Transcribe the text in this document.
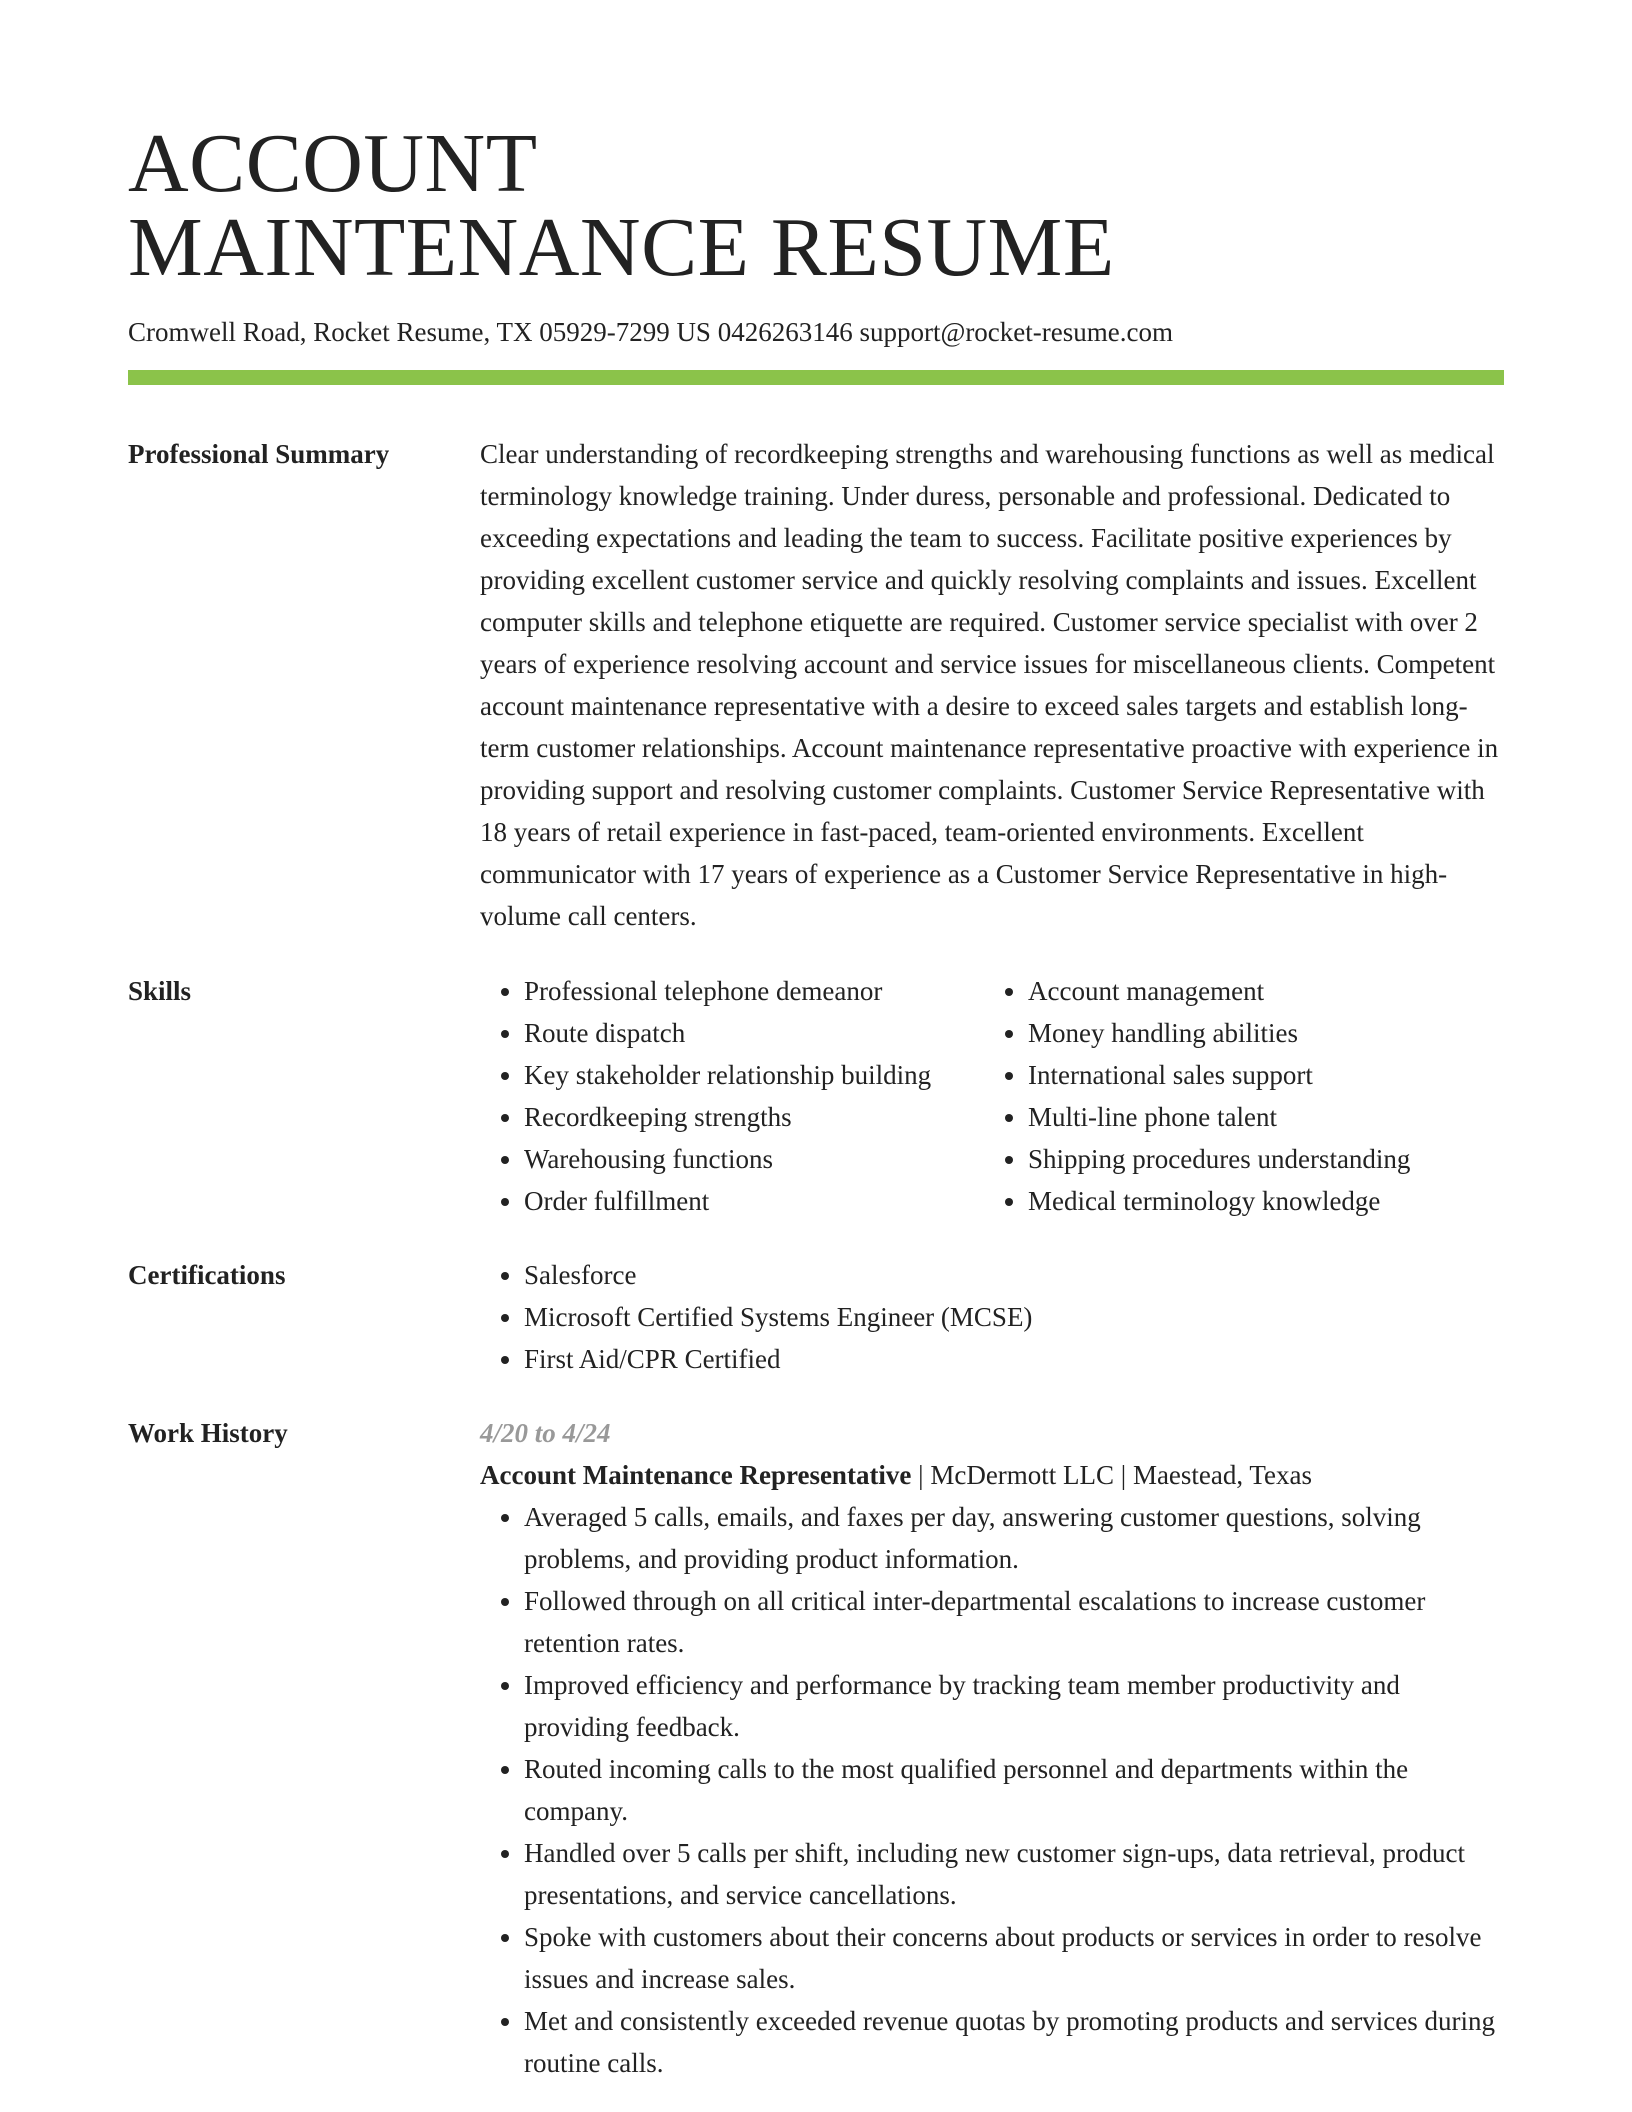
ACCOUNT
MAINTENANCE RESUME
Cromwell Road, Rocket Resume, TX 05929-7299 US 0426263146 support@rocket-resume.com
Professional Summary	Clear understanding of recordkeeping strengths and warehousing functions as well as medical terminology knowledge training. Under duress, personable and professional. Dedicated to exceeding expectations and leading the team to success. Facilitate positive experiences by providing excellent customer service and quickly resolving complaints and issues. Excellent computer skills and telephone etiquette are required. Customer service specialist with over 2 years of experience resolving account and service issues for miscellaneous clients. Competent account maintenance representative with a desire to exceed sales targets and establish long-term customer relationships. Account maintenance representative proactive with experience in providing support and resolving customer complaints. Customer Service Representative with 18 years of retail experience in fast-paced, team-oriented environments. Excellent communicator with 17 years of experience as a Customer Service Representative in high-volume call centers.

Skills	• Professional telephone demeanor
• Route dispatch
• Key stakeholder relationship building
• Recordkeeping strengths
• Warehousing functions
• Order fulfillment
• Account management
• Money handling abilities
• International sales support
• Multi-line phone talent
• Shipping procedures understanding
• Medical terminology knowledge
Certifications	• Salesforce
• Microsoft Certified Systems Engineer (MCSE)
• First Aid/CPR Certified
Work History	4/20 to 4/24
Account Maintenance Representative | McDermott LLC | Maestead, Texas
• Averaged 5 calls, emails, and faxes per day, answering customer questions, solving problems, and providing product information.
• Followed through on all critical inter-departmental escalations to increase customer retention rates.
• Improved efficiency and performance by tracking team member productivity and providing feedback.
• Routed incoming calls to the most qualified personnel and departments within the company.
• Handled over 5 calls per shift, including new customer sign-ups, data retrieval, product presentations, and service cancellations.
• Spoke with customers about their concerns about products or services in order to resolve issues and increase sales.
• Met and consistently exceeded revenue quotas by promoting products and services during routine calls.
